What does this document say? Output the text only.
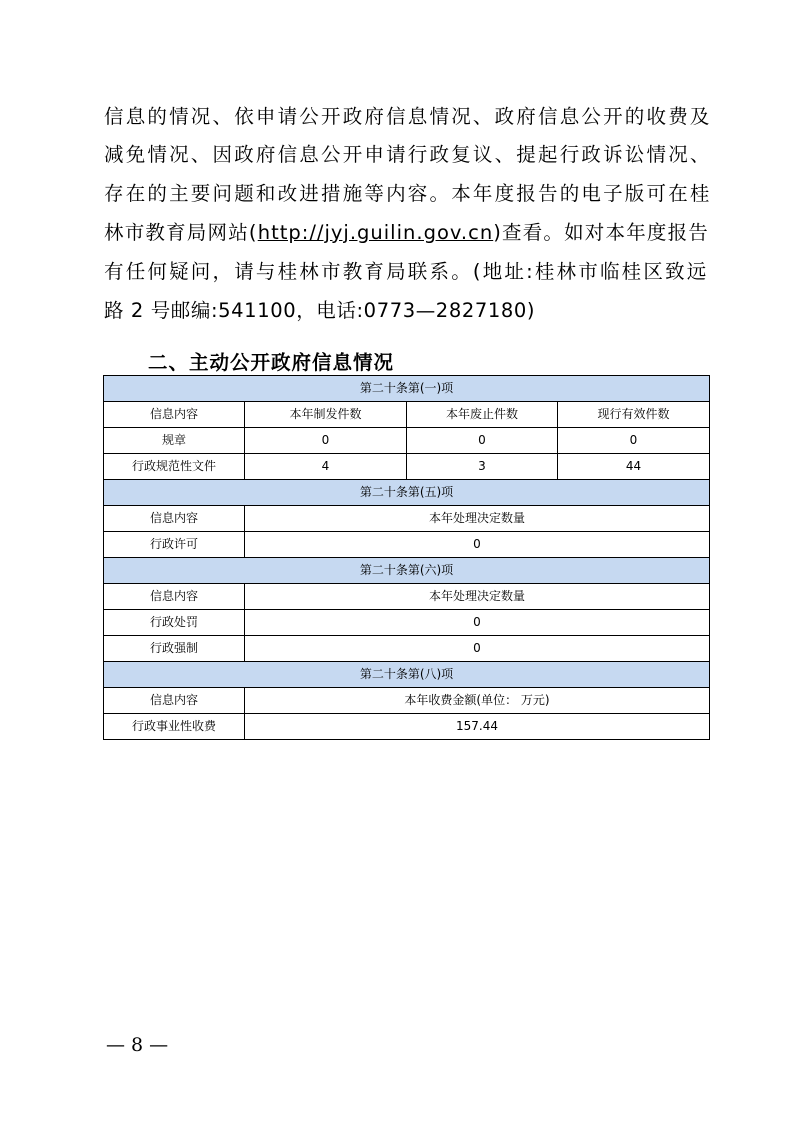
信息的情况、依申请公开政府信息情况、政府信息公开的收费及
减免情况、因政府信息公开申请行政复议、提起行政诉讼情况、
存在的主要问题和改进措施等内容。本年度报告的电子版可在桂
林市教育局网站(http://jyj.guilin.gov.cn)查看。如对本年度报告
有任何疑问，请与桂林市教育局联系。(地址:桂林市临桂区致远
路 2 号邮编:541100，电话:0773—2827180)
二、主动公开政府信息情况
第二十条第(一)项			
信息内容	本年制发件数	本年废止件数	现行有效件数
规章	0	0	0
行政规范性文件	4	3	44
第二十条第(五)项			
信息内容	本年处理决定数量		
行政许可	0		
第二十条第(六)项			
信息内容	本年处理决定数量		
行政处罚	0		
行政强制	0		
第二十条第(八)项			
信息内容	本年收费金额(单位： 万元)		
行政事业性收费	157.44		
— 8 —
